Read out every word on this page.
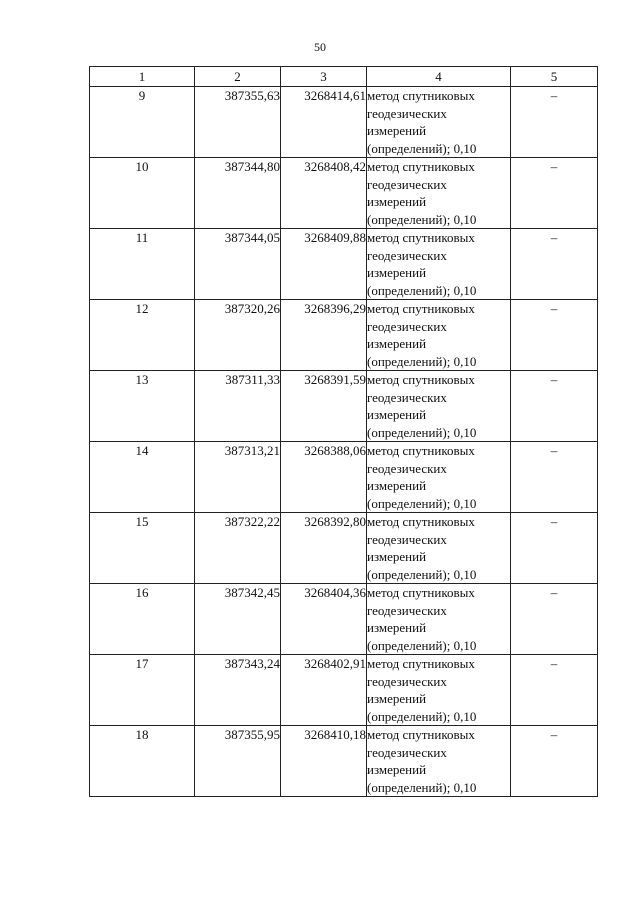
50
1	2	3	4	5
9	387355,63	3268414,61	метод спутниковых
геодезических
измерений
(определений); 0,10	–
10	387344,80	3268408,42	метод спутниковых
геодезических
измерений
(определений); 0,10	–
11	387344,05	3268409,88	метод спутниковых
геодезических
измерений
(определений); 0,10	–
12	387320,26	3268396,29	метод спутниковых
геодезических
измерений
(определений); 0,10	–
13	387311,33	3268391,59	метод спутниковых
геодезических
измерений
(определений); 0,10	–
14	387313,21	3268388,06	метод спутниковых
геодезических
измерений
(определений); 0,10	–
15	387322,22	3268392,80	метод спутниковых
геодезических
измерений
(определений); 0,10	–
16	387342,45	3268404,36	метод спутниковых
геодезических
измерений
(определений); 0,10	–
17	387343,24	3268402,91	метод спутниковых
геодезических
измерений
(определений); 0,10	–
18	387355,95	3268410,18	метод спутниковых
геодезических
измерений
(определений); 0,10	–
